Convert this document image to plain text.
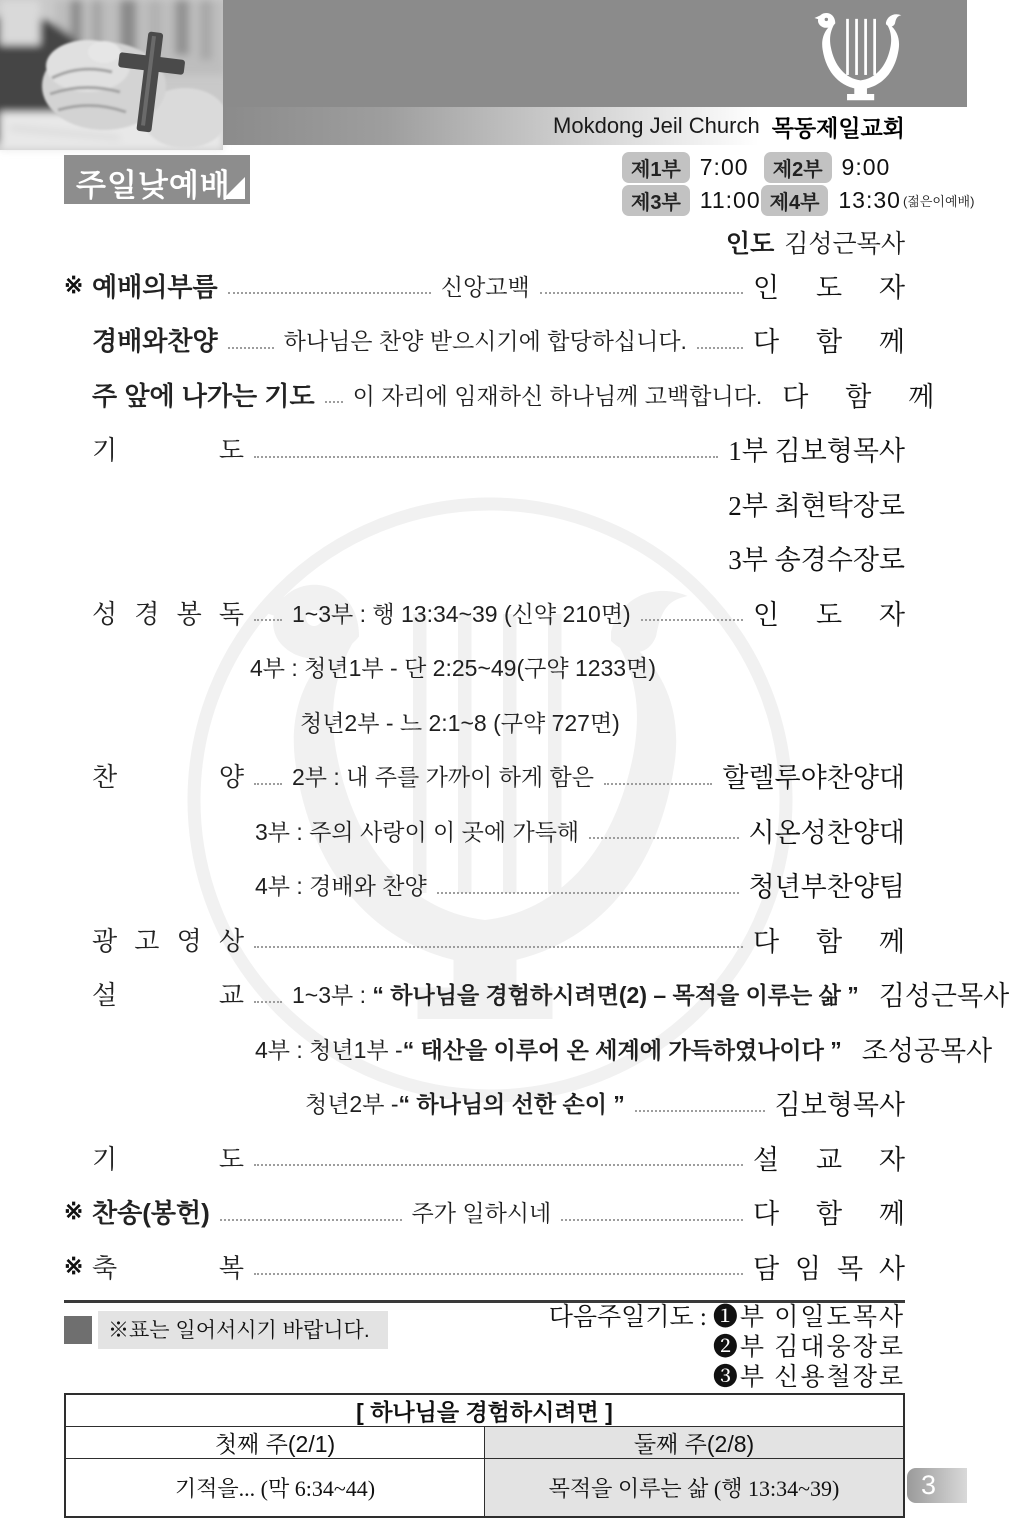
Mokdong Jeil Church 목동제일교회
주일낮예배	제1부 7:00	제2부 9:00
제3부 11:00 제4부 13:30 (젊은이예배)
인도 김성근목사
※ 예배의부름	신앙고백	인 도 자
경배와찬양	하나님은 찬양 받으시기에 합당하십니다. 다 함 께
주 앞에 나가는 기도 이 자리에 임재하신 하나님께 고백합니다. 다 함 께
기 도	1부 김보형목사
2부 최현탁장로
3부 송경수장로
성 경 봉 독 1~3부 : 행 13:34~39 (신약 210면)	인 도 자
4부 : 청년1부 - 단 2:25~49(구약 1233면)
청년2부 - 느 2:1~8 (구약 727면)
찬 양 2부 : 내 주를 가까이 하게 함은	할렐루야찬양대
3부 : 주의 사랑이 이 곳에 가득해	시온성찬양대
4부 : 경배와 찬양	청년부찬양팀
광 고 영 상	다 함 께
설 교 1~3부 : “ 하나님을 경험하시려면(2) – 목적을 이루는 삶 ” 김성근목사
4부 : 청년1부 -“ 태산을 이루어 온 세계에 가득하였나이다 ” 조성공목사
청년2부 -“ 하나님의 선한 손이 ”	김보형목사
기 도	설 교 자
※ 찬송(봉헌)	주가 일하시네	다 함 께
※ 축 복	담 임 목 사
※표는 일어서시기 바랍니다.	다음주일기도 : ❶부 이일도목사
❷부 김대웅장로
❸부 신용철장로
[ 하나님을 경험하시려면 ]
첫째 주(2/1)	둘째 주(2/8)
기적을... (막 6:34~44)	목적을 이루는 삶 (행 13:34~39)	3
